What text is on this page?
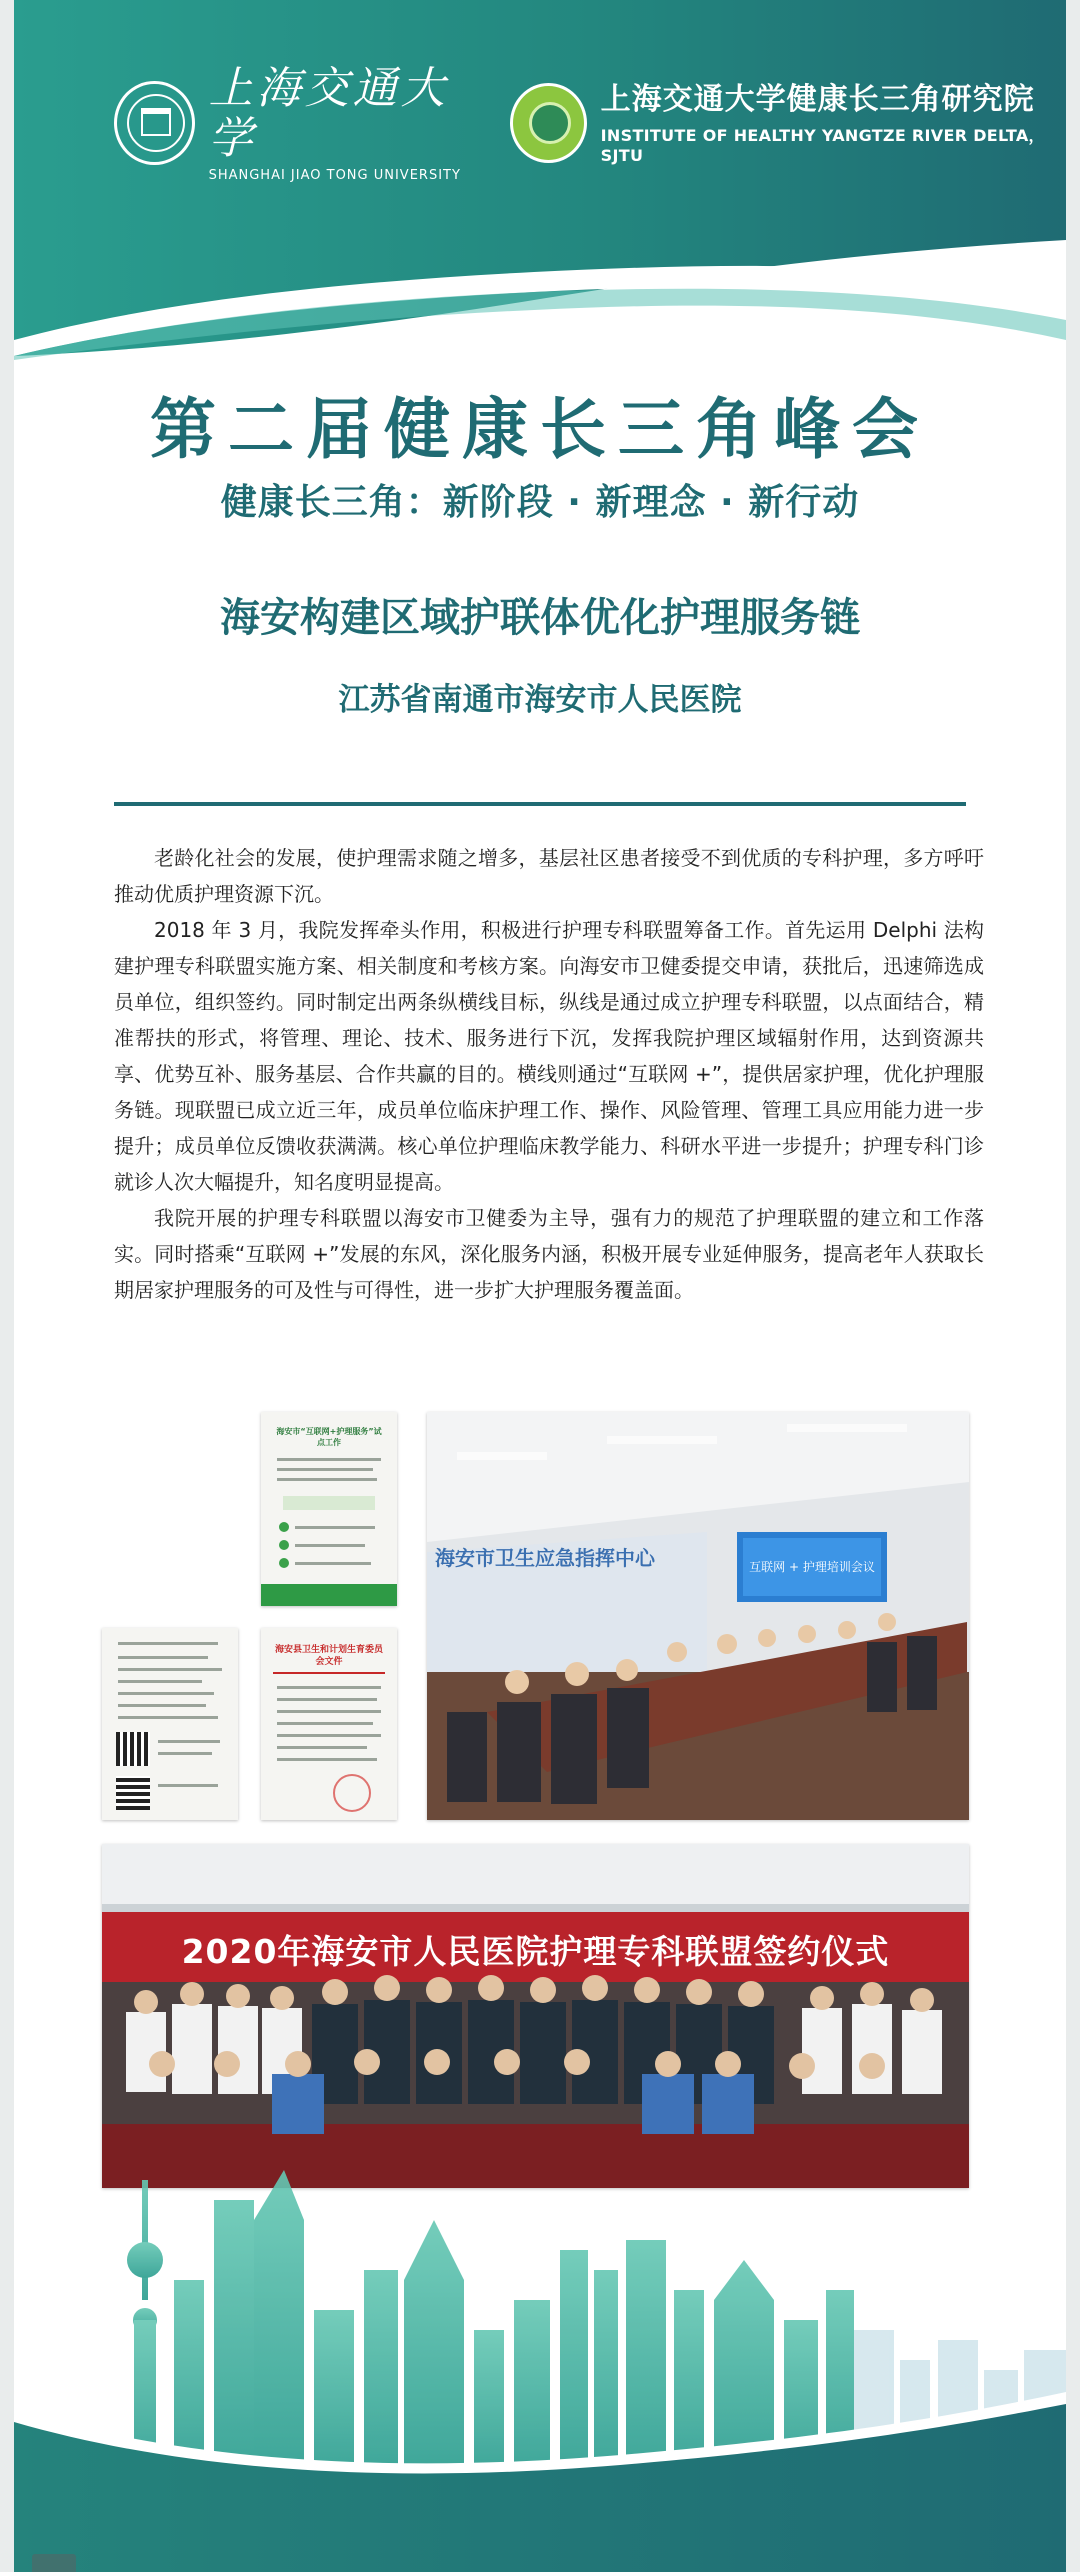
上海交通大学
SHANGHAI JIAO TONG UNIVERSITY
上海交通大学健康长三角研究院
INSTITUTE OF HEALTHY YANGTZE RIVER DELTA，SJTU
第二届健康长三角峰会
健康长三角：新阶段 · 新理念 · 新行动
海安构建区域护联体优化护理服务链
江苏省南通市海安市人民医院

老龄化社会的发展，使护理需求随之增多，基层社区患者接受不到优质的专科护理，多方呼吁推动优质护理资源下沉。

2018 年 3 月，我院发挥牵头作用，积极进行护理专科联盟筹备工作。首先运用 Delphi 法构建护理专科联盟实施方案、相关制度和考核方案。向海安市卫健委提交申请，获批后，迅速筛选成员单位，组织签约。同时制定出两条纵横线目标，纵线是通过成立护理专科联盟，以点面结合，精准帮扶的形式，将管理、理论、技术、服务进行下沉，发挥我院护理区域辐射作用，达到资源共享、优势互补、服务基层、合作共赢的目的。横线则通过“互联网 +”，提供居家护理，优化护理服务链。现联盟已成立近三年，成员单位临床护理工作、操作、风险管理、管理工具应用能力进一步提升；成员单位反馈收获满满。核心单位护理临床教学能力、科研水平进一步提升；护理专科门诊就诊人次大幅提升，知名度明显提高。

我院开展的护理专科联盟以海安市卫健委为主导，强有力的规范了护理联盟的建立和工作落实。同时搭乘“互联网 +”发展的东风，深化服务内涵，积极开展专业延伸服务，提高老年人获取长期居家护理服务的可及性与可得性，进一步扩大护理服务覆盖面。

海安市“互联网+护理服务”试点工作
海安县卫生和计划生育委员会文件
海安市卫生应急指挥中心	互联网 + 护理培训会议
2020年海安市人民医院护理专科联盟签约仪式
